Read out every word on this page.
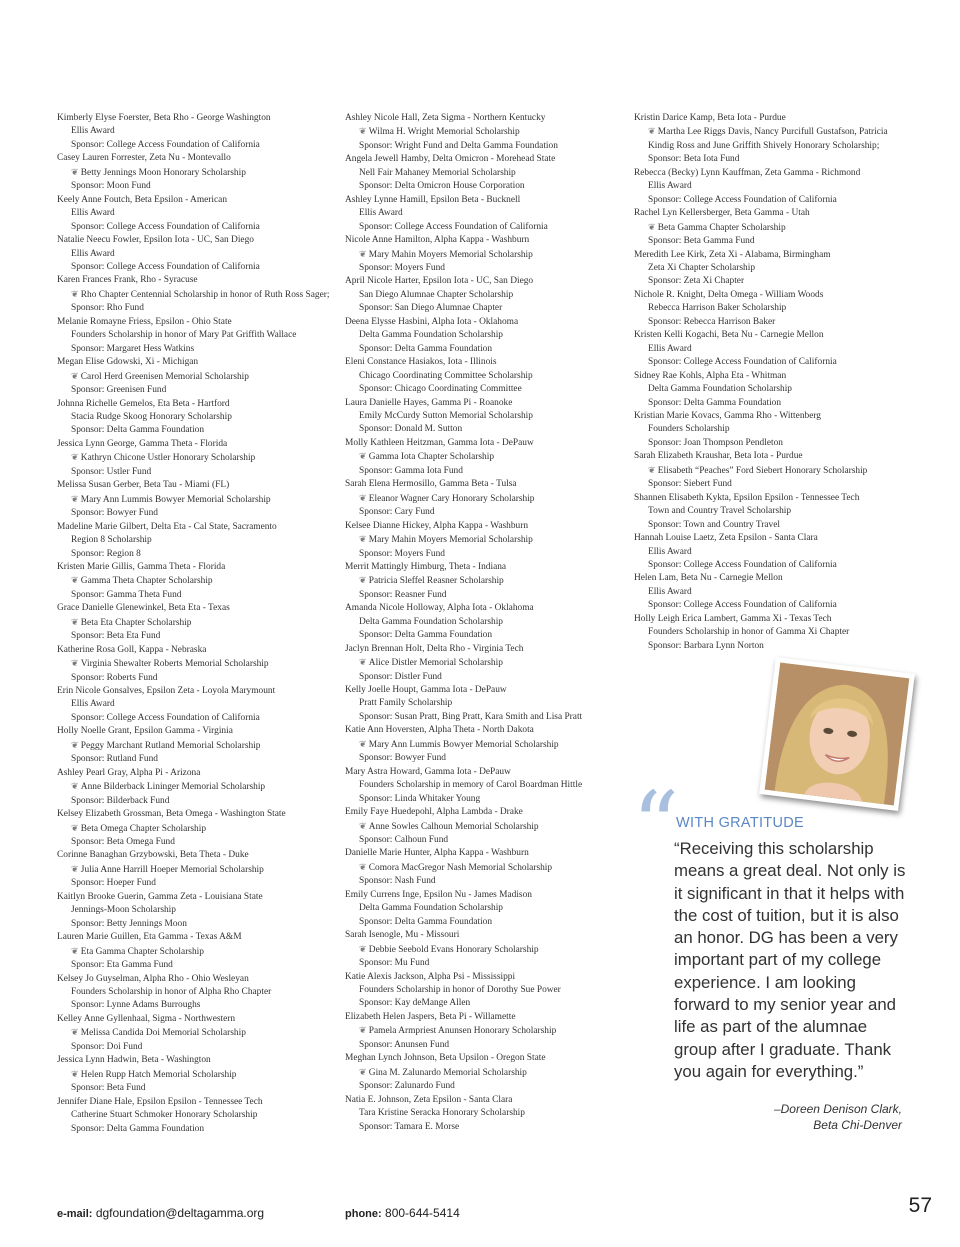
Kimberly Elyse Foerster, Beta Rho - George Washington
Ellis Award
Sponsor: College Access Foundation of California
Casey Lauren Forrester, Zeta Nu - Montevallo
❦ Betty Jennings Moon Honorary Scholarship
Sponsor: Moon Fund
Keely Anne Foutch, Beta Epsilon - American
Ellis Award
Sponsor: College Access Foundation of California
Natalie Neecu Fowler, Epsilon Iota - UC, San Diego
Ellis Award
Sponsor: College Access Foundation of California
Karen Frances Frank, Rho - Syracuse
❦ Rho Chapter Centennial Scholarship in honor of Ruth Ross Sager; Sponsor: Rho Fund
Melanie Romayne Friess, Epsilon - Ohio State
Founders Scholarship in honor of Mary Pat Griffith Wallace
Sponsor: Margaret Hess Watkins
Megan Elise Gdowski, Xi - Michigan
❦ Carol Herd Greenisen Memorial Scholarship
Sponsor: Greenisen Fund
Johnna Richelle Gemelos, Eta Beta - Hartford
Stacia Rudge Skoog Honorary Scholarship
Sponsor: Delta Gamma Foundation
Jessica Lynn George, Gamma Theta - Florida
❦ Kathryn Chicone Ustler Honorary Scholarship
Sponsor: Ustler Fund
Melissa Susan Gerber, Beta Tau - Miami (FL)
❦ Mary Ann Lummis Bowyer Memorial Scholarship
Sponsor: Bowyer Fund
Madeline Marie Gilbert, Delta Eta - Cal State, Sacramento
Region 8 Scholarship
Sponsor: Region 8
Kristen Marie Gillis, Gamma Theta - Florida
❦ Gamma Theta Chapter Scholarship
Sponsor: Gamma Theta Fund
Grace Danielle Glenewinkel, Beta Eta - Texas
❦ Beta Eta Chapter Scholarship
Sponsor: Beta Eta Fund
Katherine Rosa Goll, Kappa - Nebraska
❦ Virginia Shewalter Roberts Memorial Scholarship
Sponsor: Roberts Fund
Erin Nicole Gonsalves, Epsilon Zeta - Loyola Marymount
Ellis Award
Sponsor: College Access Foundation of California
Holly Noelle Grant, Epsilon Gamma - Virginia
❦ Peggy Marchant Rutland Memorial Scholarship
Sponsor: Rutland Fund
Ashley Pearl Gray, Alpha Pi - Arizona
❦ Anne Bilderback Lininger Memorial Scholarship
Sponsor: Bilderback Fund
Kelsey Elizabeth Grossman, Beta Omega - Washington State
❦ Beta Omega Chapter Scholarship
Sponsor: Beta Omega Fund
Corinne Banaghan Grzybowski, Beta Theta - Duke
❦ Julia Anne Harrill Hoeper Memorial Scholarship
Sponsor: Hoeper Fund
Kaitlyn Brooke Guerin, Gamma Zeta - Louisiana State
Jennings-Moon Scholarship
Sponsor: Betty Jennings Moon
Lauren Marie Guillen, Eta Gamma - Texas A&M
❦ Eta Gamma Chapter Scholarship
Sponsor: Eta Gamma Fund
Kelsey Jo Guyselman, Alpha Rho - Ohio Wesleyan
Founders Scholarship in honor of Alpha Rho Chapter
Sponsor: Lynne Adams Burroughs
Kelley Anne Gyllenhaal, Sigma - Northwestern
❦ Melissa Candida Doi Memorial Scholarship
Sponsor: Doi Fund
Jessica Lynn Hadwin, Beta - Washington
❦ Helen Rupp Hatch Memorial Scholarship
Sponsor: Beta Fund
Jennifer Diane Hale, Epsilon Epsilon - Tennessee Tech
Catherine Stuart Schmoker Honorary Scholarship
Sponsor: Delta Gamma Foundation
Ashley Nicole Hall, Zeta Sigma - Northern Kentucky
❦ Wilma H. Wright Memorial Scholarship
Sponsor: Wright Fund and Delta Gamma Foundation
Angela Jewell Hamby, Delta Omicron - Morehead State
Nell Fair Mahaney Memorial Scholarship
Sponsor: Delta Omicron House Corporation
Ashley Lynne Hamill, Epsilon Beta - Bucknell
Ellis Award
Sponsor: College Access Foundation of California
Nicole Anne Hamilton, Alpha Kappa - Washburn
❦ Mary Mahin Moyers Memorial Scholarship
Sponsor: Moyers Fund
April Nicole Harter, Epsilon Iota - UC, San Diego
San Diego Alumnae Chapter Scholarship
Sponsor: San Diego Alumnae Chapter
Deena Elysse Hasbini, Alpha Iota - Oklahoma
Delta Gamma Foundation Scholarship
Sponsor: Delta Gamma Foundation
Eleni Constance Hasiakos, Iota - Illinois
Chicago Coordinating Committee Scholarship
Sponsor: Chicago Coordinating Committee
Laura Danielle Hayes, Gamma Pi - Roanoke
Emily McCurdy Sutton Memorial Scholarship
Sponsor: Donald M. Sutton
Molly Kathleen Heitzman, Gamma Iota - DePauw
❦ Gamma Iota Chapter Scholarship
Sponsor: Gamma Iota Fund
Sarah Elena Hermosillo, Gamma Beta - Tulsa
❦ Eleanor Wagner Cary Honorary Scholarship
Sponsor: Cary Fund
Kelsee Dianne Hickey, Alpha Kappa - Washburn
❦ Mary Mahin Moyers Memorial Scholarship
Sponsor: Moyers Fund
Merrit Mattingly Himburg, Theta - Indiana
❦ Patricia Sleffel Reasner Scholarship
Sponsor: Reasner Fund
Amanda Nicole Holloway, Alpha Iota - Oklahoma
Delta Gamma Foundation Scholarship
Sponsor: Delta Gamma Foundation
Jaclyn Brennan Holt, Delta Rho - Virginia Tech
❦ Alice Distler Memorial Scholarship
Sponsor: Distler Fund
Kelly Joelle Houpt, Gamma Iota - DePauw
Pratt Family Scholarship
Sponsor: Susan Pratt, Bing Pratt, Kara Smith and Lisa Pratt
Katie Ann Hoversten, Alpha Theta - North Dakota
❦ Mary Ann Lummis Bowyer Memorial Scholarship
Sponsor: Bowyer Fund
Mary Astra Howard, Gamma Iota - DePauw
Founders Scholarship in memory of Carol Boardman Hittle
Sponsor: Linda Whitaker Young
Emily Faye Huedepohl, Alpha Lambda - Drake
❦ Anne Sowles Calhoun Memorial Scholarship
Sponsor: Calhoun Fund
Danielle Marie Hunter, Alpha Kappa - Washburn
❦ Comora MacGregor Nash Memorial Scholarship
Sponsor: Nash Fund
Emily Currens Inge, Epsilon Nu - James Madison
Delta Gamma Foundation Scholarship
Sponsor: Delta Gamma Foundation
Sarah Isenogle, Mu - Missouri
❦ Debbie Seebold Evans Honorary Scholarship
Sponsor: Mu Fund
Katie Alexis Jackson, Alpha Psi - Mississippi
Founders Scholarship in honor of Dorothy Sue Power
Sponsor: Kay deMange Allen
Elizabeth Helen Jaspers, Beta Pi - Willamette
❦ Pamela Armpriest Anunsen Honorary Scholarship
Sponsor: Anunsen Fund
Meghan Lynch Johnson, Beta Upsilon - Oregon State
❦ Gina M. Zalunardo Memorial Scholarship
Sponsor: Zalunardo Fund
Natia E. Johnson, Zeta Epsilon - Santa Clara
Tara Kristine Seracka Honorary Scholarship
Sponsor: Tamara E. Morse
Kristin Darice Kamp, Beta Iota - Purdue
❦ Martha Lee Riggs Davis, Nancy Purcifull Gustafson, Patricia Kindig Ross and June Griffith Shively Honorary Scholarship; Sponsor: Beta Iota Fund
Rebecca (Becky) Lynn Kauffman, Zeta Gamma - Richmond
Ellis Award
Sponsor: College Access Foundation of California
Rachel Lyn Kellersberger, Beta Gamma - Utah
❦ Beta Gamma Chapter Scholarship
Sponsor: Beta Gamma Fund
Meredith Lee Kirk, Zeta Xi - Alabama, Birmingham
Zeta Xi Chapter Scholarship
Sponsor: Zeta Xi Chapter
Nichole R. Knight, Delta Omega - William Woods
Rebecca Harrison Baker Scholarship
Sponsor: Rebecca Harrison Baker
Kristen Kelli Kogachi, Beta Nu - Carnegie Mellon
Ellis Award
Sponsor: College Access Foundation of California
Sidney Rae Kohls, Alpha Eta - Whitman
Delta Gamma Foundation Scholarship
Sponsor: Delta Gamma Foundation
Kristian Marie Kovacs, Gamma Rho - Wittenberg
Founders Scholarship
Sponsor: Joan Thompson Pendleton
Sarah Elizabeth Kraushar, Beta Iota - Purdue
❦ Elisabeth “Peaches” Ford Siebert Honorary Scholarship
Sponsor: Siebert Fund
Shannen Elisabeth Kykta, Epsilon Epsilon - Tennessee Tech
Town and Country Travel Scholarship
Sponsor: Town and Country Travel
Hannah Louise Laetz, Zeta Epsilon - Santa Clara
Ellis Award
Sponsor: College Access Foundation of California
Helen Lam, Beta Nu - Carnegie Mellon
Ellis Award
Sponsor: College Access Foundation of California
Holly Leigh Erica Lambert, Gamma Xi - Texas Tech
Founders Scholarship in honor of Gamma Xi Chapter
Sponsor: Barbara Lynn Norton
“
WITH GRATITUDE
“Receiving this scholarship means a great deal. Not only is it significant in that it helps with the cost of tuition, but it is also an honor. DG has been a very important part of my college experience. I am looking forward to my senior year and life as part of the alumnae group after I graduate. Thank you again for everything.”
–Doreen Denison Clark,
Beta Chi-Denver
e-mail: dgfoundation@deltagamma.org	phone: 800-644-5414	57
